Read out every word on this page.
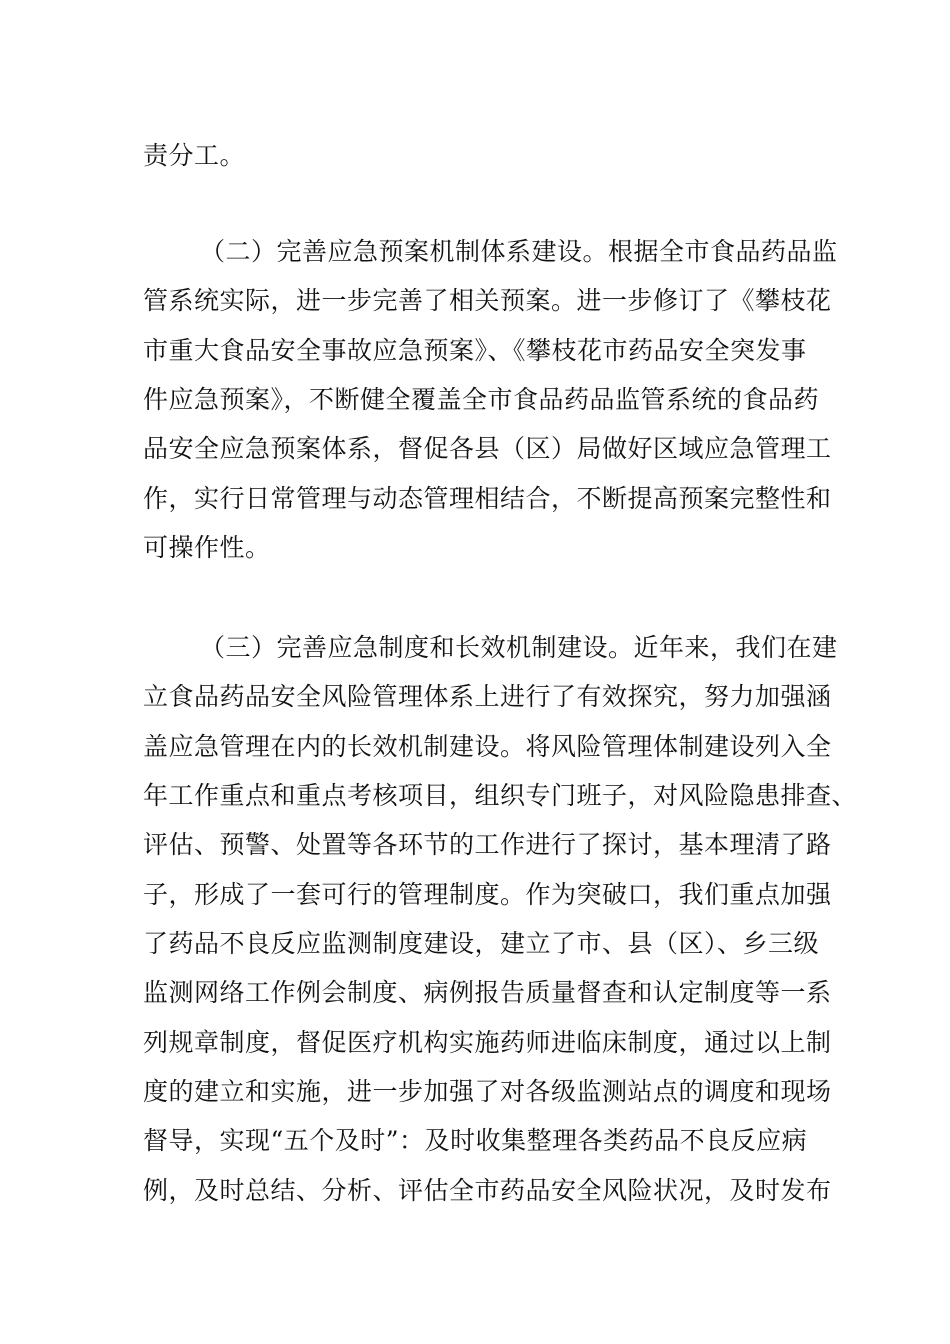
责分工。
（二）完善应急预案机制体系建设。根据全市食品药品监
管系统实际，进一步完善了相关预案。进一步修订了《攀枝花
市重大食品安全事故应急预案》、《攀枝花市药品安全突发事
件应急预案》，不断健全覆盖全市食品药品监管系统的食品药
品安全应急预案体系，督促各县（区）局做好区域应急管理工
作，实行日常管理与动态管理相结合，不断提高预案完整性和
可操作性。
（三）完善应急制度和长效机制建设。近年来，我们在建
立食品药品安全风险管理体系上进行了有效探究，努力加强涵
盖应急管理在内的长效机制建设。将风险管理体制建设列入全
年工作重点和重点考核项目，组织专门班子，对风险隐患排查、
评估、预警、处置等各环节的工作进行了探讨，基本理清了路
子，形成了一套可行的管理制度。作为突破口，我们重点加强
了药品不良反应监测制度建设，建立了市、县（区）、乡三级
监测网络工作例会制度、病例报告质量督查和认定制度等一系
列规章制度，督促医疗机构实施药师进临床制度，通过以上制
度的建立和实施，进一步加强了对各级监测站点的调度和现场
督导，实现“五个及时”：及时收集整理各类药品不良反应病
例，及时总结、分析、评估全市药品安全风险状况，及时发布
